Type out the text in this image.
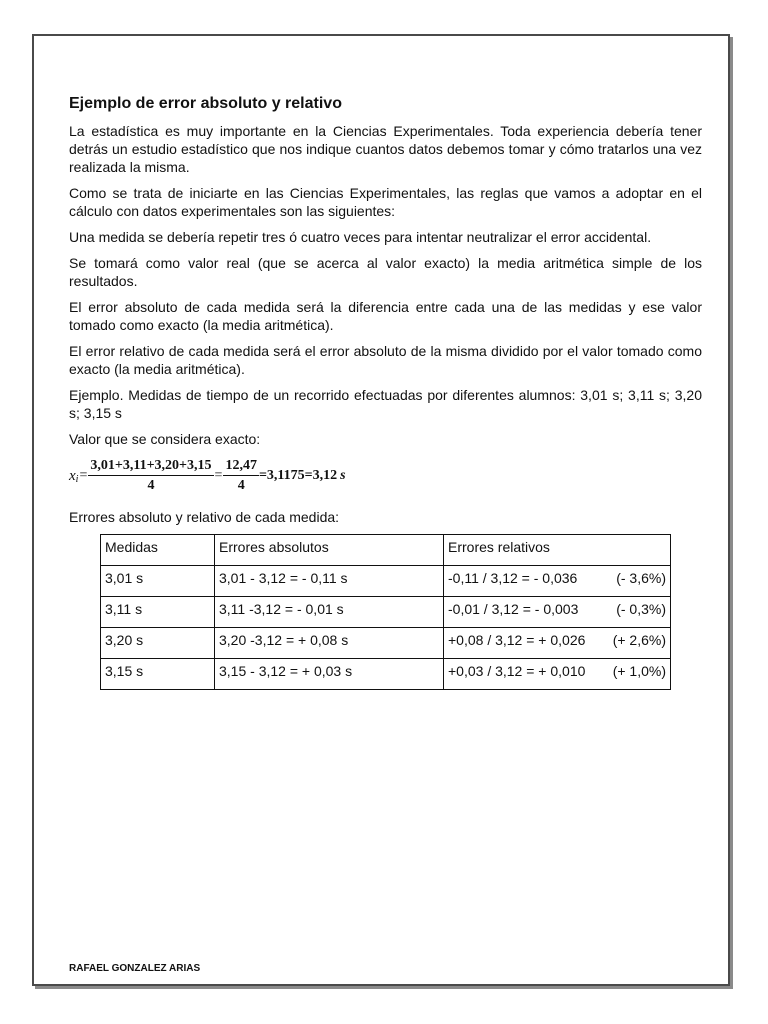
Ejemplo de error absoluto y relativo

La estadística es muy importante en la Ciencias Experimentales. Toda experiencia debería tener detrás un estudio estadístico que nos indique cuantos datos debemos tomar y cómo tratarlos una vez realizada la misma.

Como se trata de iniciarte en las Ciencias Experimentales, las reglas que vamos a adoptar en el cálculo con datos experimentales son las siguientes:

Una medida se debería repetir tres ó cuatro veces para intentar neutralizar el error accidental.

Se tomará como valor real (que se acerca al valor exacto) la media aritmética simple de los resultados.

El error absoluto de cada medida será la diferencia entre cada una de las medidas y ese valor tomado como exacto (la media aritmética).

El error relativo de cada medida será el error absoluto de la misma dividido por el valor tomado como exacto (la media aritmética).

Ejemplo. Medidas de tiempo de un recorrido efectuadas por diferentes alumnos: 3,01 s; 3,11 s; 3,20 s; 3,15 s

Valor que se considera exacto:

x $i = \frac{3,01+3,11+3,20+3,15}{4} = \frac{12,47}{4} =3,1175=3,12$ s

Errores absoluto y relativo de cada medida:

Medidas	Errores absolutos	Errores relativos
3,01 s	3,01 - 3,12 = - 0,11 s	-0,11 / 3,12 = - 0,036 (- 3,6%)

3,11 s	3,11 -3,12 = - 0,01 s	-0,01 / 3,12 = - 0,003 (- 0,3%)

3,20 s	3,20 -3,12 = + 0,08 s	+0,08 / 3,12 = + 0,026 (+ 2,6%)

3,15 s	3,15 - 3,12 = + 0,03 s	+0,03 / 3,12 = + 0,010 (+ 1,0%)
RAFAEL GONZALEZ ARIAS
